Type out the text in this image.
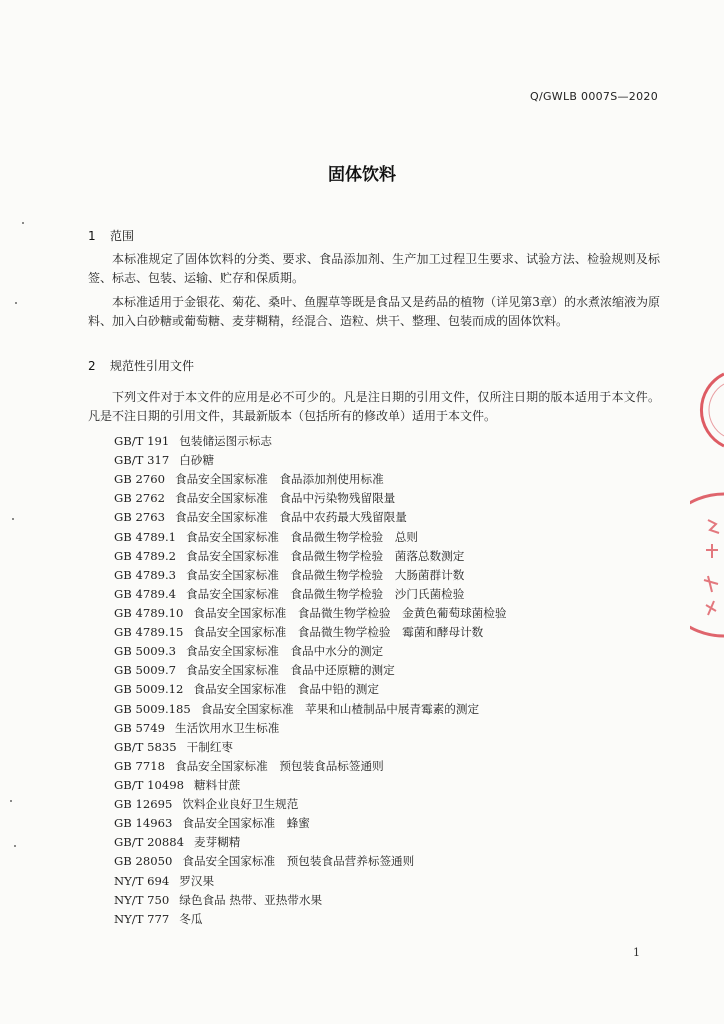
Q/GWLB 0007S—2020
固体饮料
1 范围

本标准规定了固体饮料的分类、要求、食品添加剂、生产加工过程卫生要求、试验方法、检验规则及标签、标志、包装、运输、贮存和保质期。

本标准适用于金银花、菊花、桑叶、鱼腥草等既是食品又是药品的植物（详见第3章）的水煮浓缩液为原料、加入白砂糖或葡萄糖、麦芽糊精，经混合、造粒、烘干、整理、包装而成的固体饮料。

2 规范性引用文件

下列文件对于本文件的应用是必不可少的。凡是注日期的引用文件，仅所注日期的版本适用于本文件。凡是不注日期的引用文件，其最新版本（包括所有的修改单）适用于本文件。

GB/T 191 包装储运图示标志
GB/T 317 白砂糖
GB 2760 食品安全国家标准　食品添加剂使用标准
GB 2762 食品安全国家标准　食品中污染物残留限量
GB 2763 食品安全国家标准　食品中农药最大残留限量
GB 4789.1 食品安全国家标准　食品微生物学检验　总则
GB 4789.2 食品安全国家标准　食品微生物学检验　菌落总数测定
GB 4789.3 食品安全国家标准　食品微生物学检验　大肠菌群计数
GB 4789.4 食品安全国家标准　食品微生物学检验　沙门氏菌检验
GB 4789.10 食品安全国家标准　食品微生物学检验　金黄色葡萄球菌检验
GB 4789.15 食品安全国家标准　食品微生物学检验　霉菌和酵母计数
GB 5009.3 食品安全国家标准　食品中水分的测定
GB 5009.7 食品安全国家标准　食品中还原糖的测定
GB 5009.12 食品安全国家标准　食品中铅的测定
GB 5009.185 食品安全国家标准　苹果和山楂制品中展青霉素的测定
GB 5749 生活饮用水卫生标准
GB/T 5835 干制红枣
GB 7718 食品安全国家标准　预包装食品标签通则
GB/T 10498 糖料甘蔗
GB 12695 饮料企业良好卫生规范
GB 14963 食品安全国家标准　蜂蜜
GB/T 20884 麦芽糊精
GB 28050 食品安全国家标准　预包装食品营养标签通则
NY/T 694 罗汉果
NY/T 750 绿色食品 热带、亚热带水果
NY/T 777 冬瓜
1
